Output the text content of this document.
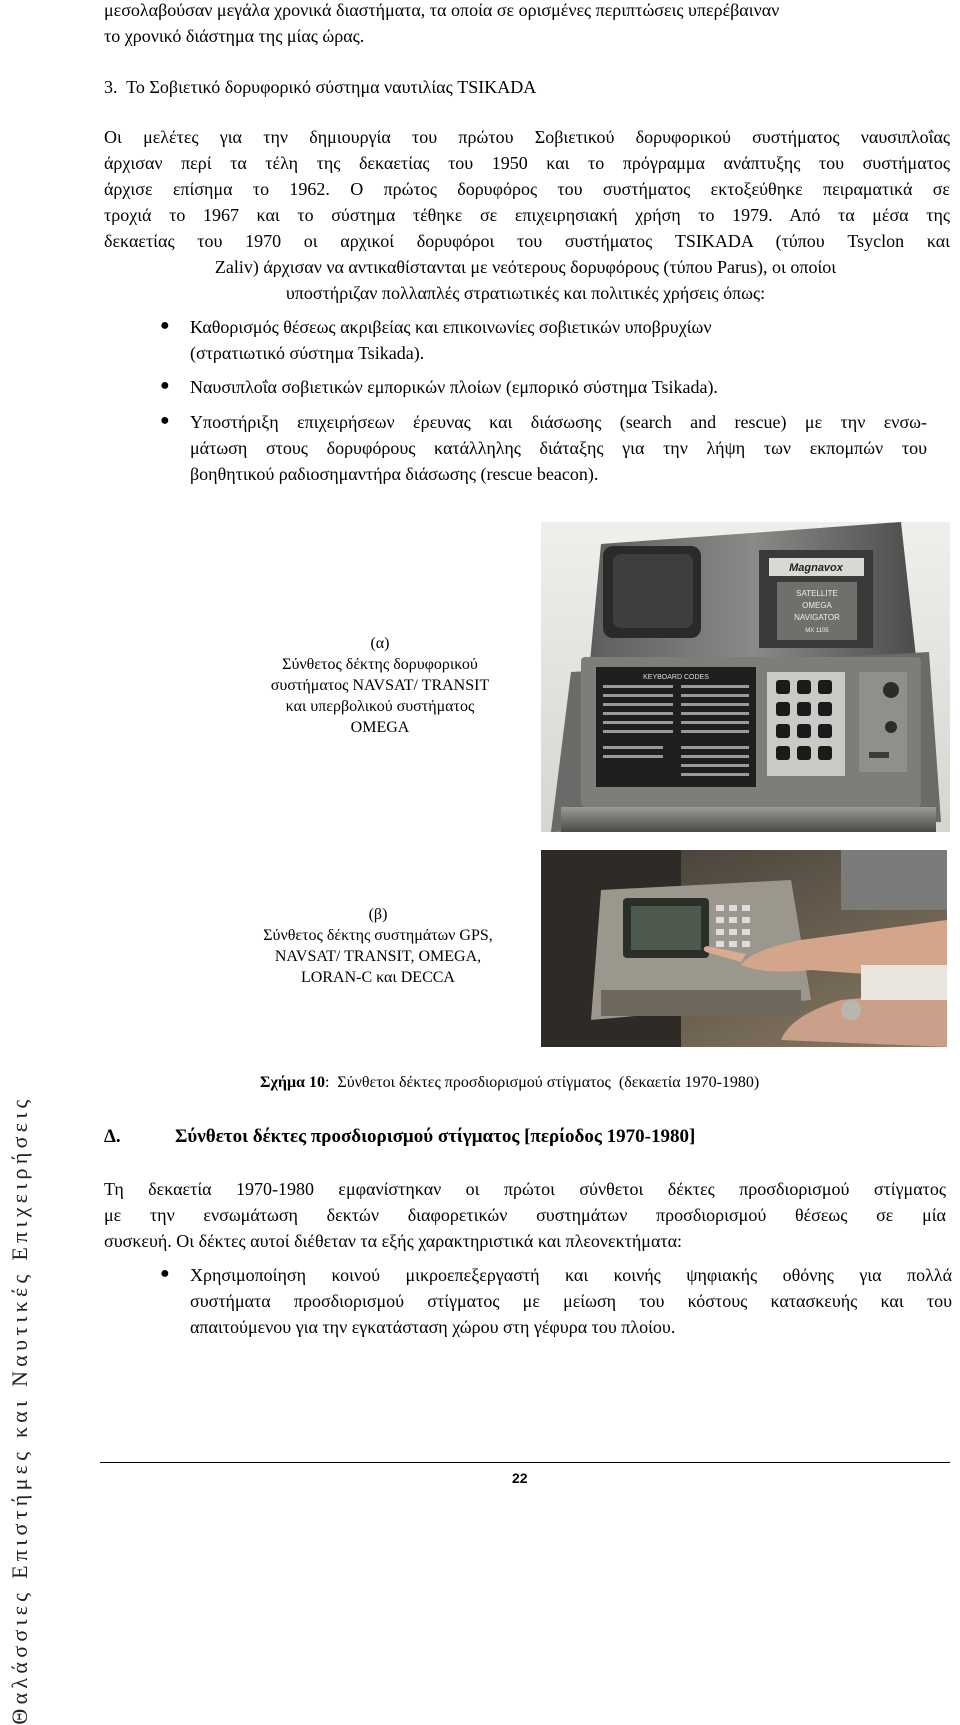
Θαλάσσιες Επιστήμες και Ναυτικές Επιχειρήσεις
μεσολαβούσαν μεγάλα χρονικά διαστήματα, τα οποία σε ορισμένες περιπτώσεις υπερέβαιναν
το χρονικό διάστημα της μίας ώρας.
3.  Το Σοβιετικό δορυφορικό σύστημα ναυτιλίας TSIKADA
Οι μελέτες για την δημιουργία του πρώτου Σοβιετικού δορυφορικού συστήματος ναυσιπλοΐας
άρχισαν περί τα τέλη της δεκαετίας του 1950 και το πρόγραμμα ανάπτυξης του συστήματος
άρχισε επίσημα το 1962. Ο πρώτος δορυφόρος του συστήματος εκτοξεύθηκε πειραματικά σε
τροχιά το 1967 και το σύστημα τέθηκε σε επιχειρησιακή χρήση το 1979. Από τα μέσα της
δεκαετίας του 1970 οι αρχικοί δορυφόροι του συστήματος TSIKADA (τύπου Tsyclon και
Zaliv) άρχισαν να αντικαθίστανται με νεότερους δορυφόρους (τύπου Parus), οι οποίοι
υποστήριζαν πολλαπλές στρατιωτικές και πολιτικές χρήσεις όπως:
● Καθορισμός θέσεως ακριβείας και επικοινωνίες σοβιετικών υποβρυχίων
(στρατιωτικό σύστημα Tsikada).
● Ναυσιπλοΐα σοβιετικών εμπορικών πλοίων (εμπορικό σύστημα Tsikada).
● Υποστήριξη επιχειρήσεων έρευνας και διάσωσης (search and rescue) με την ενσω-
μάτωση στους δορυφόρους κατάλληλης διάταξης για την λήψη των εκπομπών του
βοηθητικού ραδιοσημαντήρα διάσωσης (rescue beacon).
Magnavox
SATELLITE
OMEGA
NAVIGATOR
MX 1105
KEYBOARD CODES
(α)
Σύνθετος δέκτης δορυφορικού
συστήματος NAVSAT/ TRANSIT
και υπερβολικού συστήματος
OMEGA
(β)
Σύνθετος δέκτης συστημάτων GPS,
NAVSAT/ TRANSIT, OMEGA,
LORAN-C και DECCA
Σχήμα 10:  Σύνθετοι δέκτες προσδιορισμού στίγματος  (δεκαετία 1970-1980)
Δ.	Σύνθετοι δέκτες προσδιορισμού στίγματος [περίοδος 1970-1980]
Τη δεκαετία 1970-1980 εμφανίστηκαν οι πρώτοι σύνθετοι δέκτες προσδιορισμού στίγματος
με την ενσωμάτωση δεκτών διαφορετικών συστημάτων προσδιορισμού θέσεως σε μία
συσκευή. Οι δέκτες αυτοί διέθεταν τα εξής χαρακτηριστικά και πλεονεκτήματα:
● Χρησιμοποίηση κοινού μικροεπεξεργαστή και κοινής ψηφιακής οθόνης για πολλά
συστήματα προσδιορισμού στίγματος με μείωση του κόστους κατασκευής και του
απαιτούμενου για την εγκατάσταση χώρου στη γέφυρα του πλοίου.
22
